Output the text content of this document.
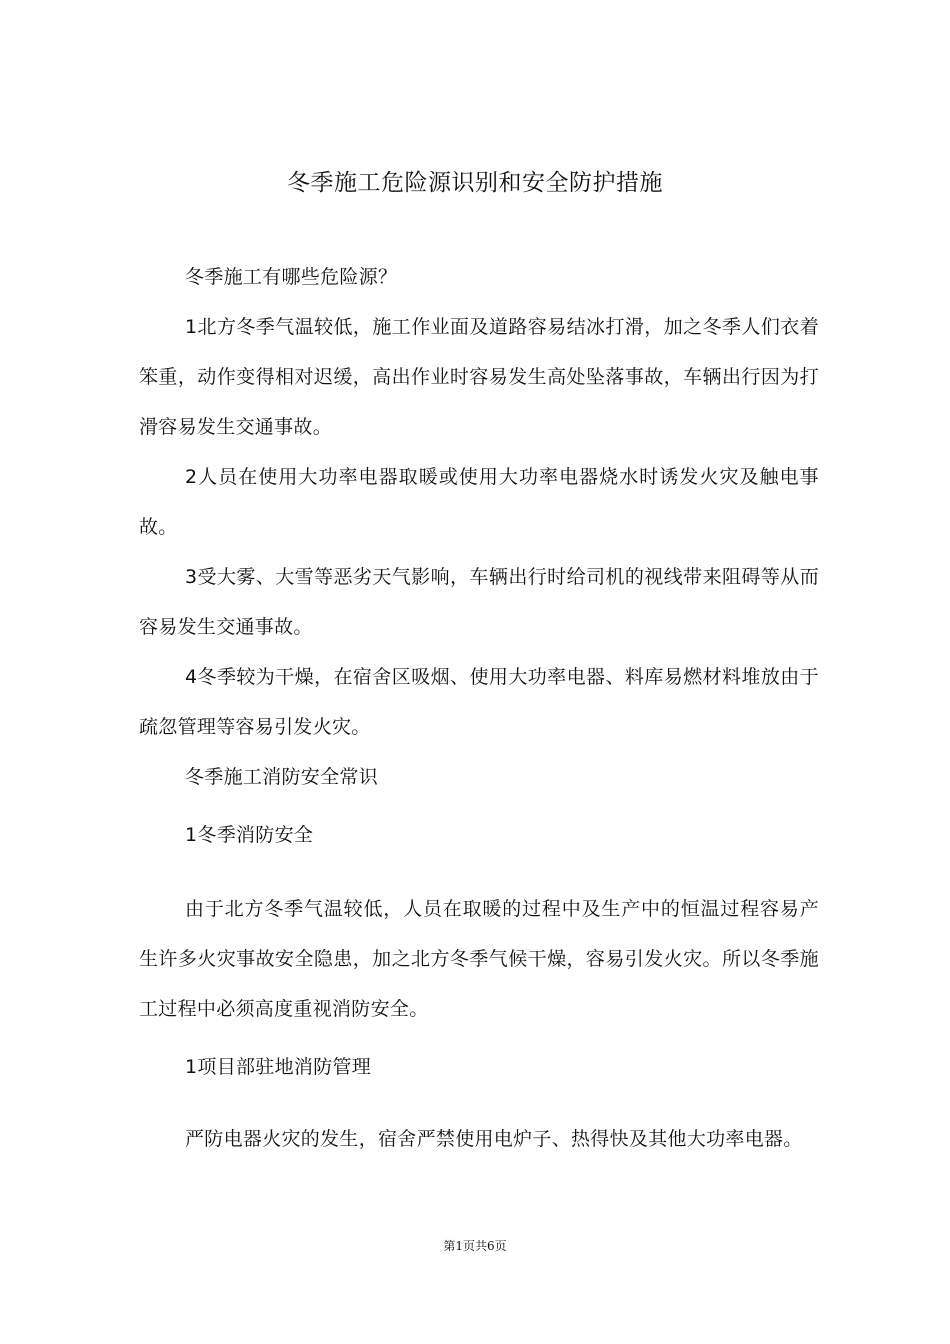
冬季施工危险源识别和安全防护措施

冬季施工有哪些危险源？

1北方冬季气温较低，施工作业面及道路容易结冰打滑，加之冬季人们衣着笨重，动作变得相对迟缓，高出作业时容易发生高处坠落事故，车辆出行因为打滑容易发生交通事故。

2人员在使用大功率电器取暖或使用大功率电器烧水时诱发火灾及触电事故。

3受大雾、大雪等恶劣天气影响，车辆出行时给司机的视线带来阻碍等从而容易发生交通事故。

4冬季较为干燥，在宿舍区吸烟、使用大功率电器、料库易燃材料堆放由于疏忽管理等容易引发火灾。

冬季施工消防安全常识

1冬季消防安全

由于北方冬季气温较低，人员在取暖的过程中及生产中的恒温过程容易产生许多火灾事故安全隐患，加之北方冬季气候干燥，容易引发火灾。所以冬季施工过程中必须高度重视消防安全。

1项目部驻地消防管理

严防电器火灾的发生，宿舍严禁使用电炉子、热得快及其他大功率电器。

第1页共6页
